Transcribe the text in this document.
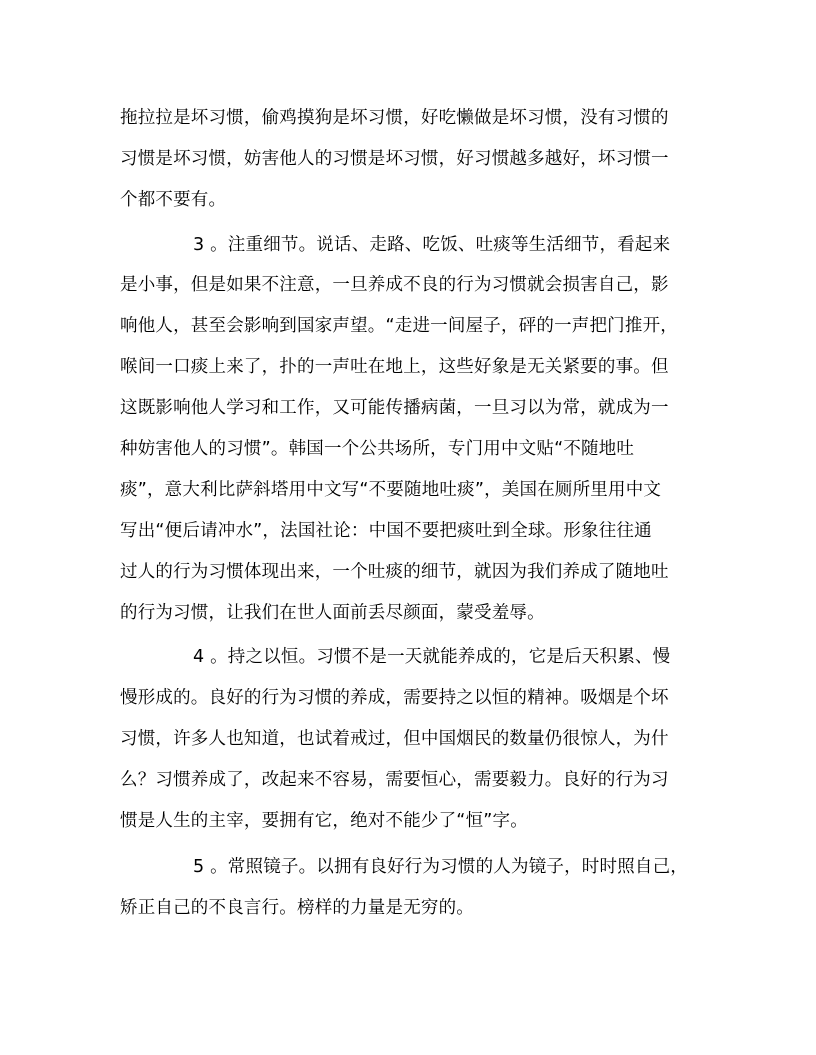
拖拉拉是坏习惯，偷鸡摸狗是坏习惯，好吃懒做是坏习惯，没有习惯的
习惯是坏习惯，妨害他人的习惯是坏习惯，好习惯越多越好，坏习惯一
个都不要有。
3 。注重细节。说话、走路、吃饭、吐痰等生活细节，看起来
是小事，但是如果不注意，一旦养成不良的行为习惯就会损害自己，影
响他人，甚至会影响到国家声望。“走进一间屋子，砰的一声把门推开，
喉间一口痰上来了，扑的一声吐在地上，这些好象是无关紧要的事。但
这既影响他人学习和工作，又可能传播病菌，一旦习以为常，就成为一
种妨害他人的习惯”。韩国一个公共场所，专门用中文贴“不随地吐
痰”，意大利比萨斜塔用中文写“不要随地吐痰”，美国在厕所里用中文
写出“便后请冲水”，法国社论：中国不要把痰吐到全球。形象往往通
过人的行为习惯体现出来，一个吐痰的细节，就因为我们养成了随地吐
的行为习惯，让我们在世人面前丢尽颜面，蒙受羞辱。
4 。持之以恒。习惯不是一天就能养成的，它是后天积累、慢
慢形成的。良好的行为习惯的养成，需要持之以恒的精神。吸烟是个坏
习惯，许多人也知道，也试着戒过，但中国烟民的数量仍很惊人，为什
么？习惯养成了，改起来不容易，需要恒心，需要毅力。良好的行为习
惯是人生的主宰，要拥有它，绝对不能少了“恒”字。
5 。常照镜子。以拥有良好行为习惯的人为镜子，时时照自己，
矫正自己的不良言行。榜样的力量是无穷的。
